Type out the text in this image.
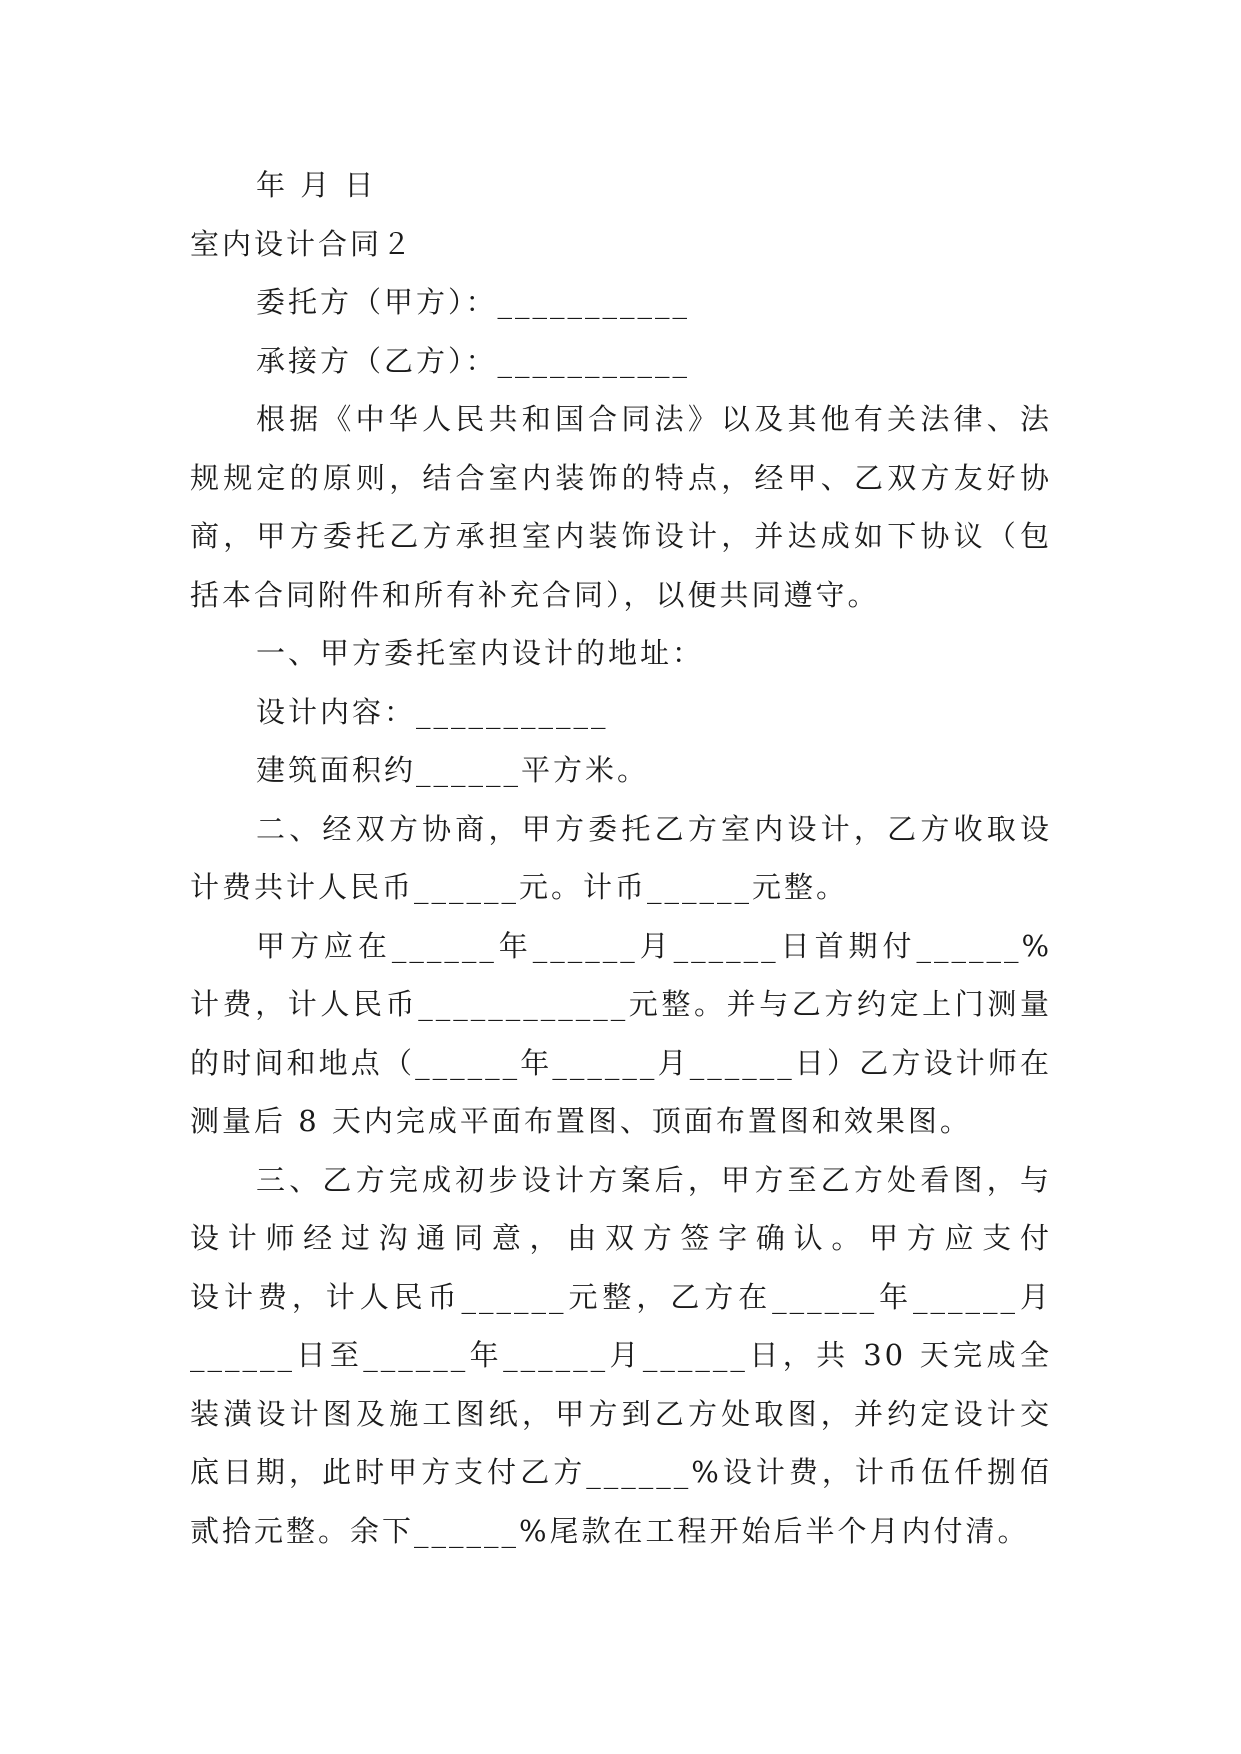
年 月 日
室内设计合同２
委托方（甲方）：___________
承接方（乙方）：___________
根据《中华人民共和国合同法》以及其他有关法律、法
规规定的原则，结合室内装饰的特点，经甲、乙双方友好协
商，甲方委托乙方承担室内装饰设计，并达成如下协议（包
括本合同附件和所有补充合同），以便共同遵守。
一、甲方委托室内设计的地址：
设计内容：___________
建筑面积约______平方米。
二、经双方协商，甲方委托乙方室内设计，乙方收取设
计费共计人民币______元。计币______元整。
甲方应在______年______月______日首期付______%
计费，计人民币____________元整。并与乙方约定上门测量
的时间和地点（______年______月______日）乙方设计师在
测量后 8 天内完成平面布置图、顶面布置图和效果图。
三、乙方完成初步设计方案后，甲方至乙方处看图，与
设计师经过沟通同意，由双方签字确认。甲方应支付
设计费，计人民币______元整，乙方在______年______月
______日至______年______月______日，共 30 天完成全
装潢设计图及施工图纸，甲方到乙方处取图，并约定设计交
底日期，此时甲方支付乙方______%设计费，计币伍仟捌佰
贰拾元整。余下______%尾款在工程开始后半个月内付清。
